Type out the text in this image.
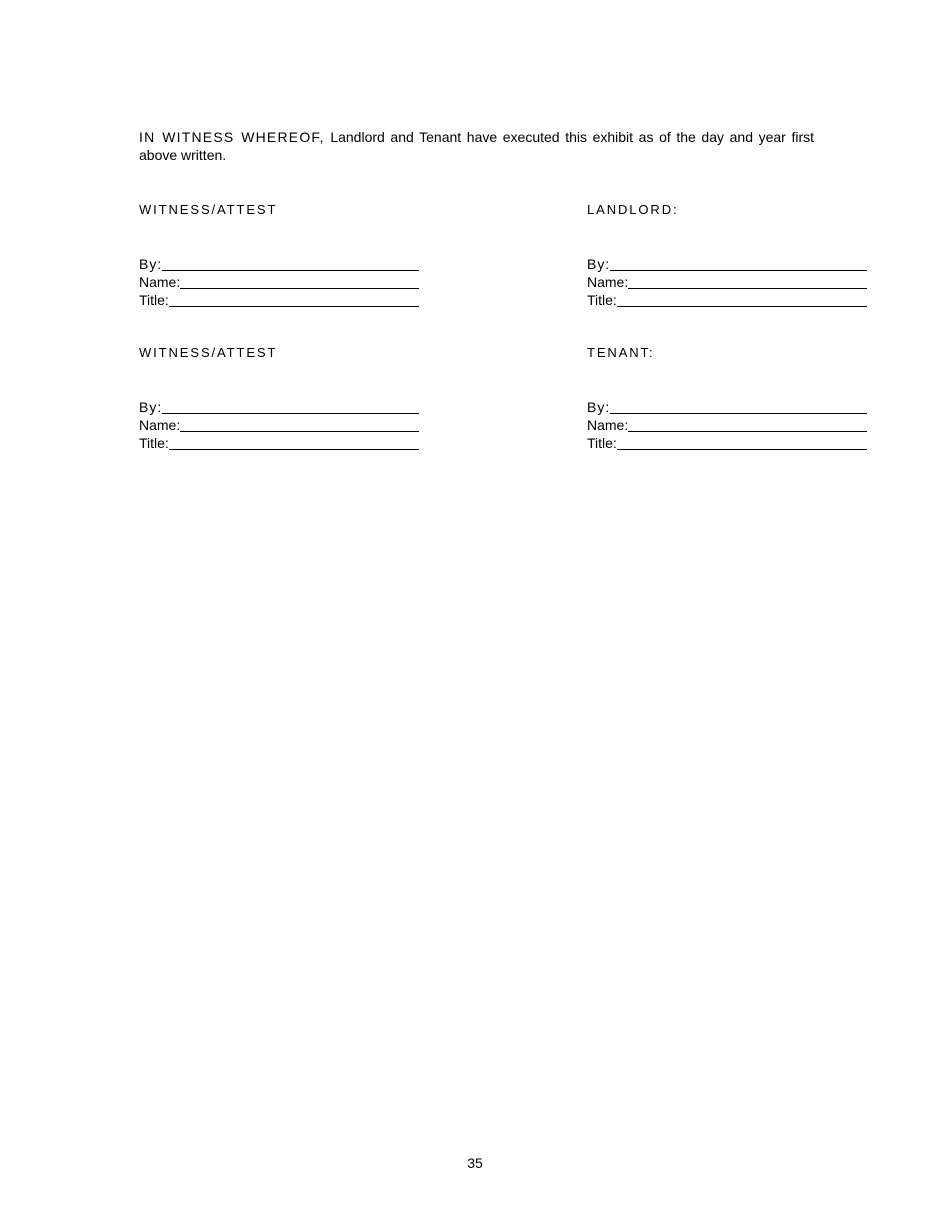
IN WITNESS WHEREOF, Landlord and Tenant have executed this exhibit as of the day and year first above written.

WITNESS/ATTEST	LANDLORD:
By:
Name:
Title:
By:
Name:
Title:
WITNESS/ATTEST	TENANT:
By:
Name:
Title:
By:
Name:
Title:
35
